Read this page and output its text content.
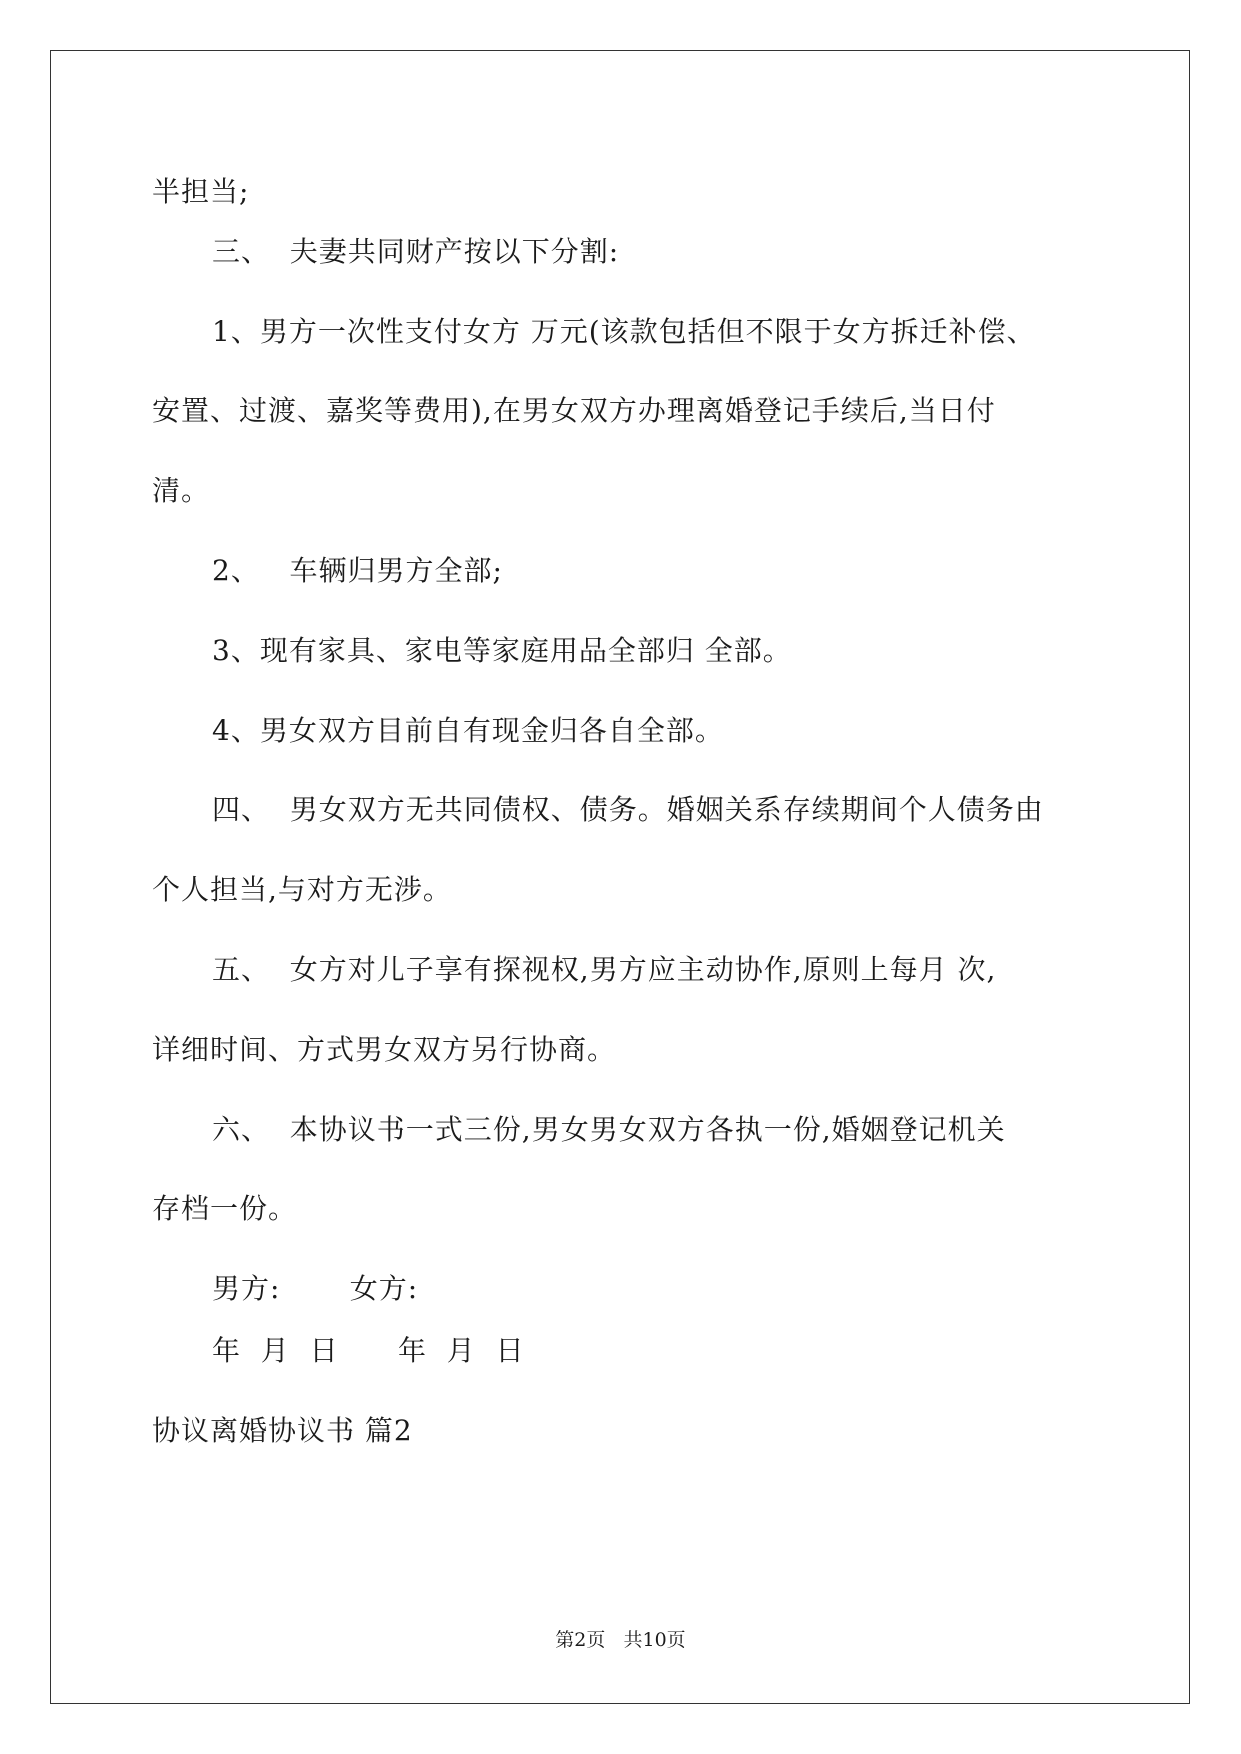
半担当;
三、  夫妻共同财产按以下分割:
1、男方一次性支付女方 万元(该款包括但不限于女方拆迁补偿、
安置、过渡、嘉奖等费用),在男女双方办理离婚登记手续后,当日付
清。
2、   车辆归男方全部;
3、现有家具、家电等家庭用品全部归 全部。
4、男女双方目前自有现金归各自全部。
四、  男女双方无共同债权、债务。婚姻关系存续期间个人债务由
个人担当,与对方无涉。
五、  女方对儿子享有探视权,男方应主动协作,原则上每月 次,
详细时间、方式男女双方另行协商。
六、  本协议书一式三份,男女男女双方各执一份,婚姻登记机关
存档一份。
男方:       女方:
年  月  日      年  月  日
协议离婚协议书 篇2
第2页   共10页
